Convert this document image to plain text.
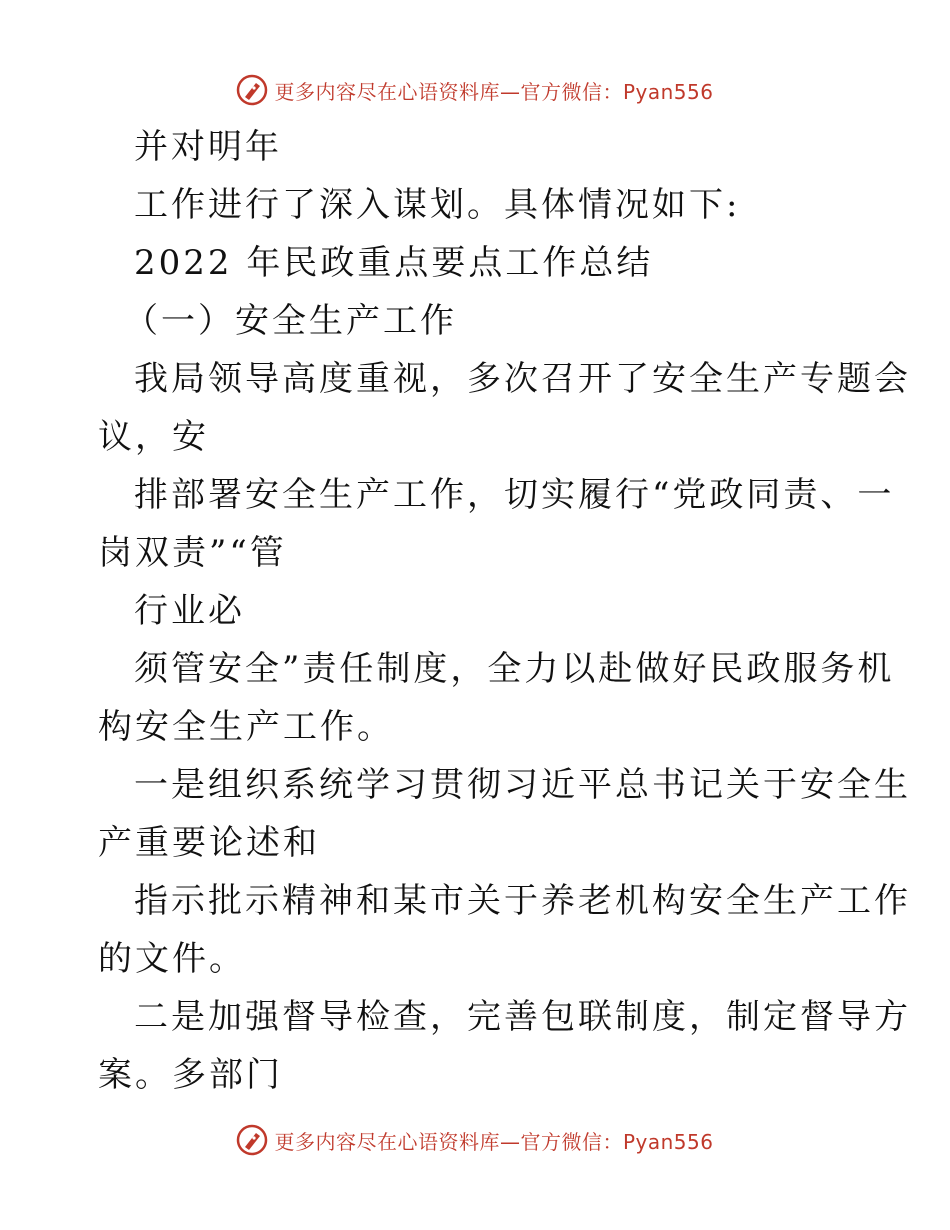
更多内容尽在心语资料库—官方微信：Pyan556
并对明年
工作进行了深入谋划。具体情况如下:
2022 年民政重点要点工作总结
（一）安全生产工作
我局领导高度重视，多次召开了安全生产专题会
议，安
排部署安全生产工作，切实履行“党政同责、一
岗双责”“管
行业必
须管安全”责任制度，全力以赴做好民政服务机
构安全生产工作。
一是组织系统学习贯彻习近平总书记关于安全生
产重要论述和
指示批示精神和某市关于养老机构安全生产工作
的文件。
二是加强督导检查，完善包联制度，制定督导方
案。多部门
更多内容尽在心语资料库—官方微信：Pyan556
